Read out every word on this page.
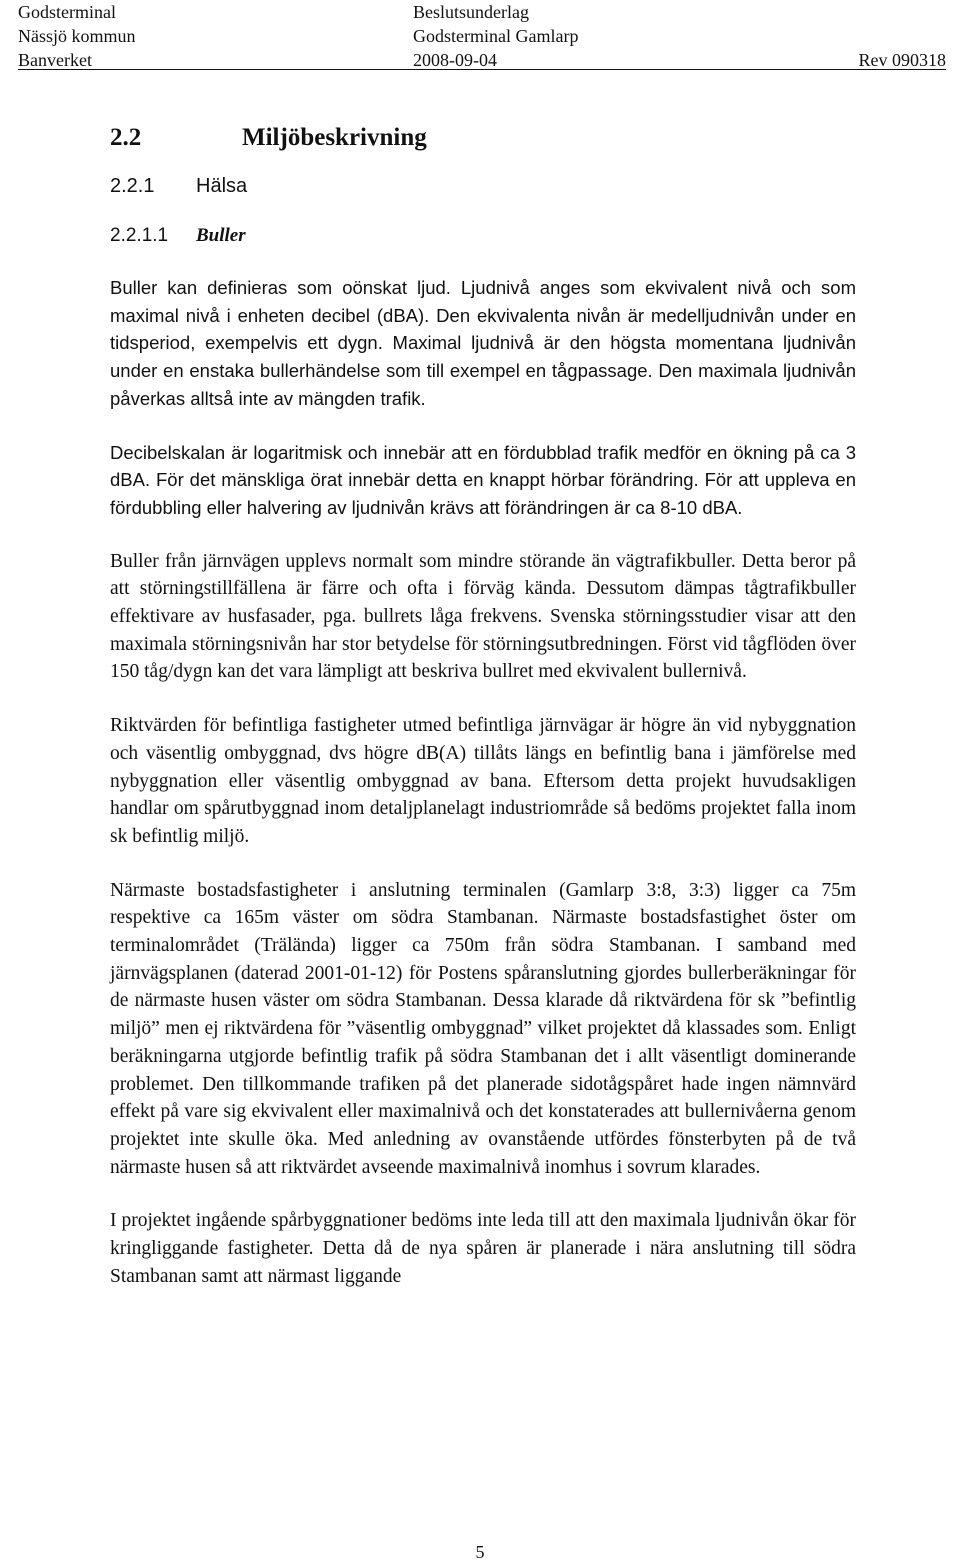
Godsterminal	Beslutsunderlag
Nässjö kommun	Godsterminal Gamlarp
Banverket	2008-09-04	Rev 090318
2.2	Miljöbeskrivning
2.2.1 Hälsa
2.2.1.1 Buller

Buller kan definieras som oönskat ljud. Ljudnivå anges som ekvivalent nivå och som maximal nivå i enheten decibel (dBA). Den ekvivalenta nivån är medelljudnivån under en tidsperiod, exempelvis ett dygn. Maximal ljudnivå är den högsta momentana ljudnivån under en enstaka bullerhändelse som till exempel en tågpassage. Den maximala ljudnivån påverkas alltså inte av mängden trafik.

Decibelskalan är logaritmisk och innebär att en fördubblad trafik medför en ökning på ca 3 dBA. För det mänskliga örat innebär detta en knappt hörbar förändring. För att uppleva en fördubbling eller halvering av ljudnivån krävs att förändringen är ca 8-10 dBA.

Buller från järnvägen upplevs normalt som mindre störande än vägtrafikbuller. Detta beror på att störningstillfällena är färre och ofta i förväg kända. Dessutom dämpas tågtrafikbuller effektivare av husfasader, pga. bullrets låga frekvens. Svenska störningsstudier visar att den maximala störningsnivån har stor betydelse för störningsutbredningen. Först vid tågflöden över 150 tåg/dygn kan det vara lämpligt att beskriva bullret med ekvivalent bullernivå.

Riktvärden för befintliga fastigheter utmed befintliga järnvägar är högre än vid nybyggnation och väsentlig ombyggnad, dvs högre dB(A) tillåts längs en befintlig bana i jämförelse med nybyggnation eller väsentlig ombyggnad av bana. Eftersom detta projekt huvudsakligen handlar om spårutbyggnad inom detaljplanelagt industriområde så bedöms projektet falla inom sk befintlig miljö.

Närmaste bostadsfastigheter i anslutning terminalen (Gamlarp 3:8, 3:3) ligger ca 75m respektive ca 165m väster om södra Stambanan. Närmaste bostadsfastighet öster om terminalområdet (Trälända) ligger ca 750m från södra Stambanan. I samband med järnvägsplanen (daterad 2001-01-12) för Postens spåranslutning gjordes bullerberäkningar för de närmaste husen väster om södra Stambanan. Dessa klarade då riktvärdena för sk ”befintlig miljö” men ej riktvärdena för ”väsentlig ombyggnad” vilket projektet då klassades som. Enligt beräkningarna utgjorde befintlig trafik på södra Stambanan det i allt väsentligt dominerande problemet. Den tillkommande trafiken på det planerade sidotågspåret hade ingen nämnvärd effekt på vare sig ekvivalent eller maximalnivå och det konstaterades att bullernivåerna genom projektet inte skulle öka. Med anledning av ovanstående utfördes fönsterbyten på de två närmaste husen så att riktvärdet avseende maximalnivå inomhus i sovrum klarades.

I projektet ingående spårbyggnationer bedöms inte leda till att den maximala ljudnivån ökar för kringliggande fastigheter. Detta då de nya spåren är planerade i nära anslutning till södra Stambanan samt att närmast liggande

5
